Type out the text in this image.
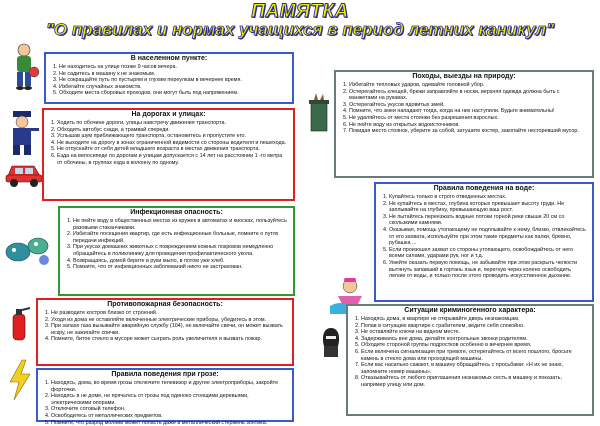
ПАМЯТКА
"О правилах и нормах учащихся в период летних каникул"
В населенном пункте:
1. Не находитесь на улице позже 9 часов вечера.
2. Не садитесь в машину к не знакомым.
3. Не сокращайте путь по пустырям и глухим переулкам в вечернее время.
4. Избегайте случайных знакомств.
5. Обходите места сборовых проходов, они могут быть под напряжением.
На дорогах и улицах:
1. Ходить по обочине дороги, улицы навстречу движения транспорта.
2. Обходить автобус сзади, а трамвай спереди.
3. Услышав шум приближающего транспорта, остановитесь и пропустите его.
4. Не выходите на дорогу в зонах ограниченной видимости со стороны водителя и пешехода.
5. Не отпускайте от себя детей младшего возраста в местах движения транспорта.
6. Езда на велосипеде по дорогам и улицам допускается с 14 лет на расстоянии 1 -го метра от обочины, в группах езда в колонну по одному.
Походы, выезды на природу:
1. Избегайте тепловых ударов, одевайте головной убор.
2. Остерегайтесь клещей, брюки заправляйте в носки, верхняя одежда должна быть с манжетами на рукавах.
3. Остерегайтесь укусов ядовитых змей.
4. Помните, что змеи нападают тогда, когда на них наступили. Будьте внимательны!
5. Не удаляйтесь от места стоянки без разрешения взрослых.
6. Не пейте воду из открытых водоисточников.
7. Покидая место стоянок, уберите за собой, затушите костер, закопайте несгоревший мусор.
Инфекционная опасность:
1. Не пейте воду в общественных местах из кружек в автоматах и киосках, пользуйтесь разовыми стаканчиками.
2. Избегайте посещения квартир, где есть инфекционные больные, помните о путях передачи инфекций.
3. При укусах домашних животных с повреждением кожных покровов немедленно обращайтесь в поликлинику для проведения профилактического укола.
4. Возвращаясь, домой берите в руки мыло, в потом уже хлеб.
5. Помните, что от инфекционных заболеваний никто не застрахован.
Правила поведения на воде:
1. Купайтесь только в строго отведенных местах.
2. Не купайтесь в местах, глубина которых превышает высоту груди. Не заплывайте на глубину, превышающую ваш рост.
3. Не пытайтесь переезжать водные потоки горной реки свыше 20 см со скользкими камнями.
4. Оказывая, помощь утопающему не подплывайте к нему, близко, отвлекайтесь от его захвата, используйте при этом такие предметы как палки, бревно, рубашка ...
5. Если произошел захват со стороны утопающего, освобождайтесь от него всеми силами, ударами рук, ног и т.д.
6. Умейте оказать первую помощь, не забывайте при этом раскрыть челюсти вытянуть запавший в гортань язык и, перегнув через колено освободить легкие от воды, и только после этого проводить искусственное дыхание.
Противопожарная безопасность:
1. Не разводите костров близко от строений.
2. Уходя из дома не оставляйте включенные электрические приборы, убедитесь в этом.
3. При запахе газа вызывайте аварийную службу (104), не включайте свечи, он может вызвать искру, не зажигайте спички.
4. Помните, битое стекло в мусоре может сыграть роль увеличителя и вызвать пожар.
Ситуации криминогенного характера:
1. Находясь дома, в квартире не открывайте дверь незнакомцам.
2. Попав в ситуацию квартире с грабителем, ведите себя спокойно.
3. Не оставляйте ключи на видном месте.
4. Задерживаясь вне дома, делайте контрольные звонки родителям.
5. Обходите стороной группы подростков особенно в вечернее время.
6. Если включена сигнализация при тревоге, остерегайтесь от всего пошлого, бросьте камень в стекло дома или проходящей машины.
7. Если вас насильно сажают, в машину обращайтесь с просьбами: «Н их не знаю, запомните номер машины».
8. Отказывайтесь от любого приглашения незнакомых сесть в машину и показать, например улицу или дом.
Правила поведения при грозе:
1. Находясь, дома, во время грозы отключите телевизор и другие электроприборы, закройте форточки.
2. Находясь в не доме, не прячьтесь от грозы под одиноко стоящими деревьями, электрическими опорами.
3. Отключите сотовый телефон.
4. Освободитесь от металлических предметов.
5. Помните, что разряд молнии может попасть даже в металлический стержень зонтика.
